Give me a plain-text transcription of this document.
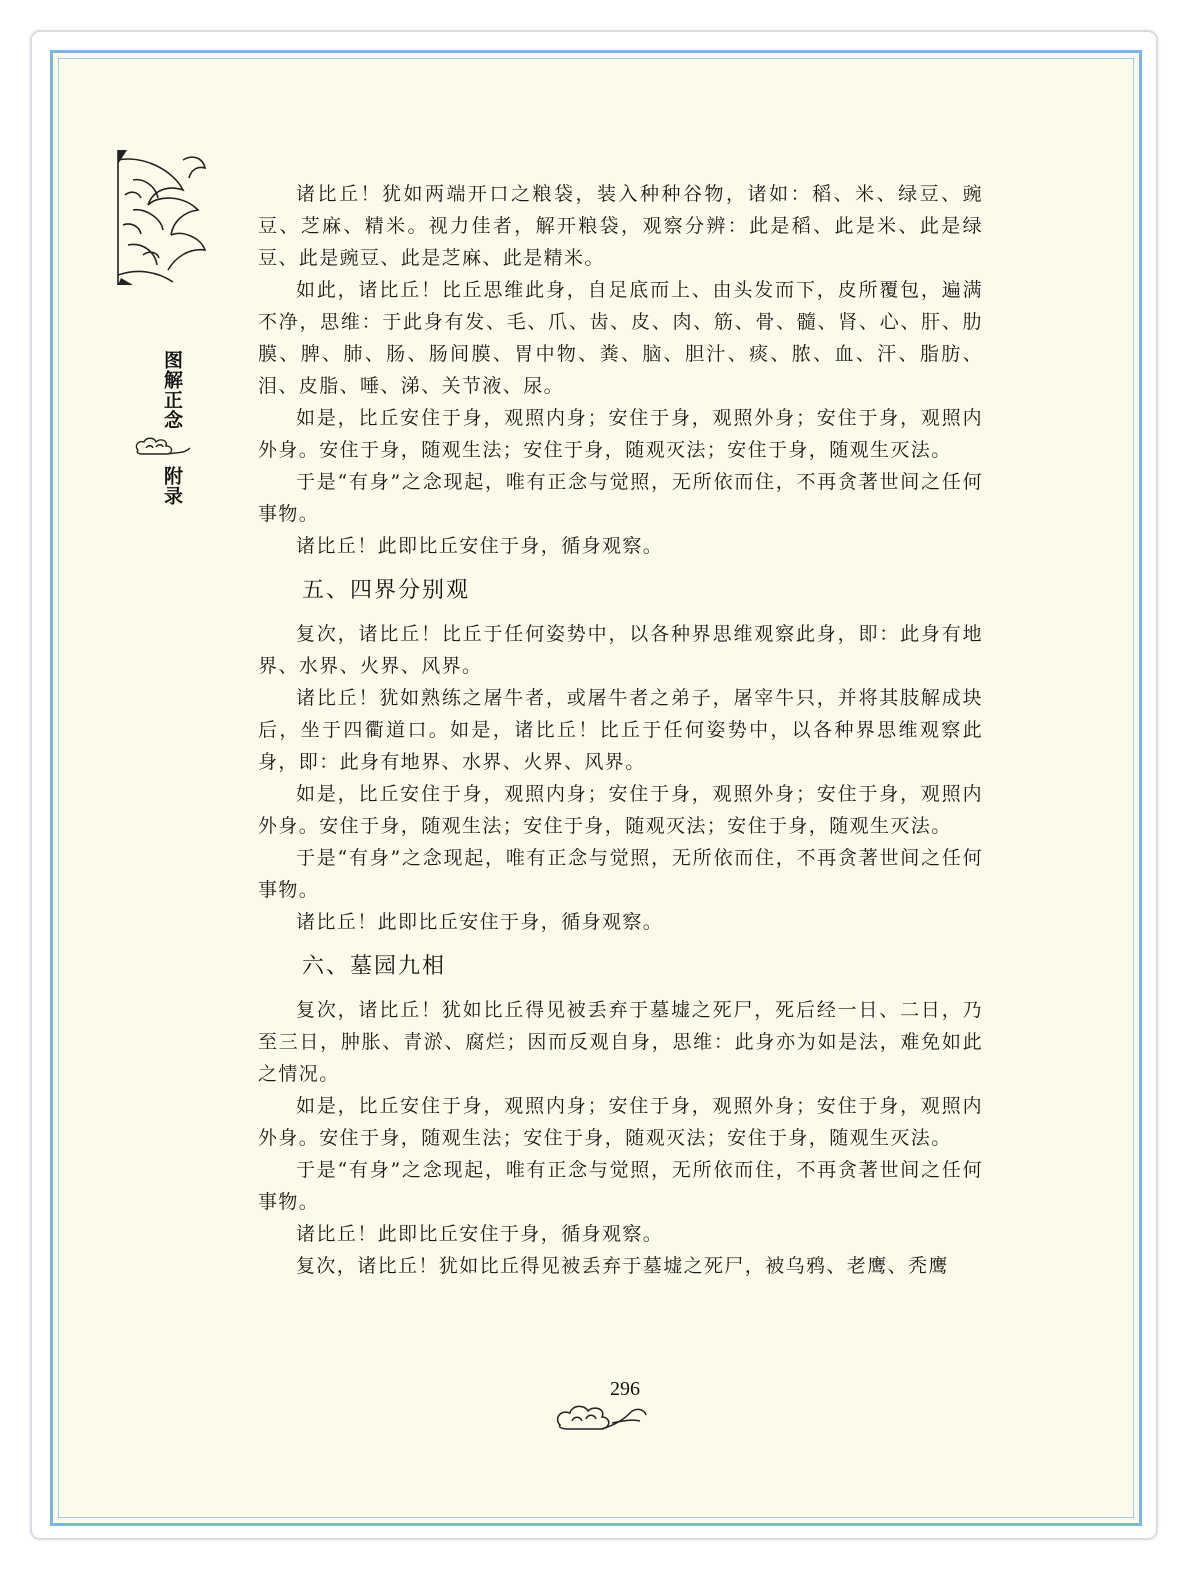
图解正念
附录

诸比丘！犹如两端开口之粮袋，装入种种谷物，诸如：稻、米、绿豆、豌豆、芝麻、精米。视力佳者，解开粮袋，观察分辨：此是稻、此是米、此是绿豆、此是豌豆、此是芝麻、此是精米。

如此，诸比丘！比丘思维此身，自足底而上、由头发而下，皮所覆包，遍满不净，思维：于此身有发、毛、爪、齿、皮、肉、筋、骨、髓、肾、心、肝、肋膜、脾、肺、肠、肠间膜、胃中物、粪、脑、胆汁、痰、脓、血、汗、脂肪、泪、皮脂、唾、涕、关节液、尿。

如是，比丘安住于身，观照内身；安住于身，观照外身；安住于身，观照内外身。安住于身，随观生法；安住于身，随观灭法；安住于身，随观生灭法。

于是“有身”之念现起，唯有正念与觉照，无所依而住，不再贪著世间之任何事物。

诸比丘！此即比丘安住于身，循身观察。

五、四界分别观

复次，诸比丘！比丘于任何姿势中，以各种界思维观察此身，即：此身有地界、水界、火界、风界。

诸比丘！犹如熟练之屠牛者，或屠牛者之弟子，屠宰牛只，并将其肢解成块后，坐于四衢道口。如是，诸比丘！比丘于任何姿势中，以各种界思维观察此身，即：此身有地界、水界、火界、风界。

如是，比丘安住于身，观照内身；安住于身，观照外身；安住于身，观照内外身。安住于身，随观生法；安住于身，随观灭法；安住于身，随观生灭法。

于是“有身”之念现起，唯有正念与觉照，无所依而住，不再贪著世间之任何事物。

诸比丘！此即比丘安住于身，循身观察。

六、墓园九相

复次，诸比丘！犹如比丘得见被丢弃于墓墟之死尸，死后经一日、二日，乃至三日，肿胀、青淤、腐烂；因而反观自身，思维：此身亦为如是法，难免如此之情况。

如是，比丘安住于身，观照内身；安住于身，观照外身；安住于身，观照内外身。安住于身，随观生法；安住于身，随观灭法；安住于身，随观生灭法。

于是“有身”之念现起，唯有正念与觉照，无所依而住，不再贪著世间之任何事物。

诸比丘！此即比丘安住于身，循身观察。

复次，诸比丘！犹如比丘得见被丢弃于墓墟之死尸，被乌鸦、老鹰、秃鹰

296
